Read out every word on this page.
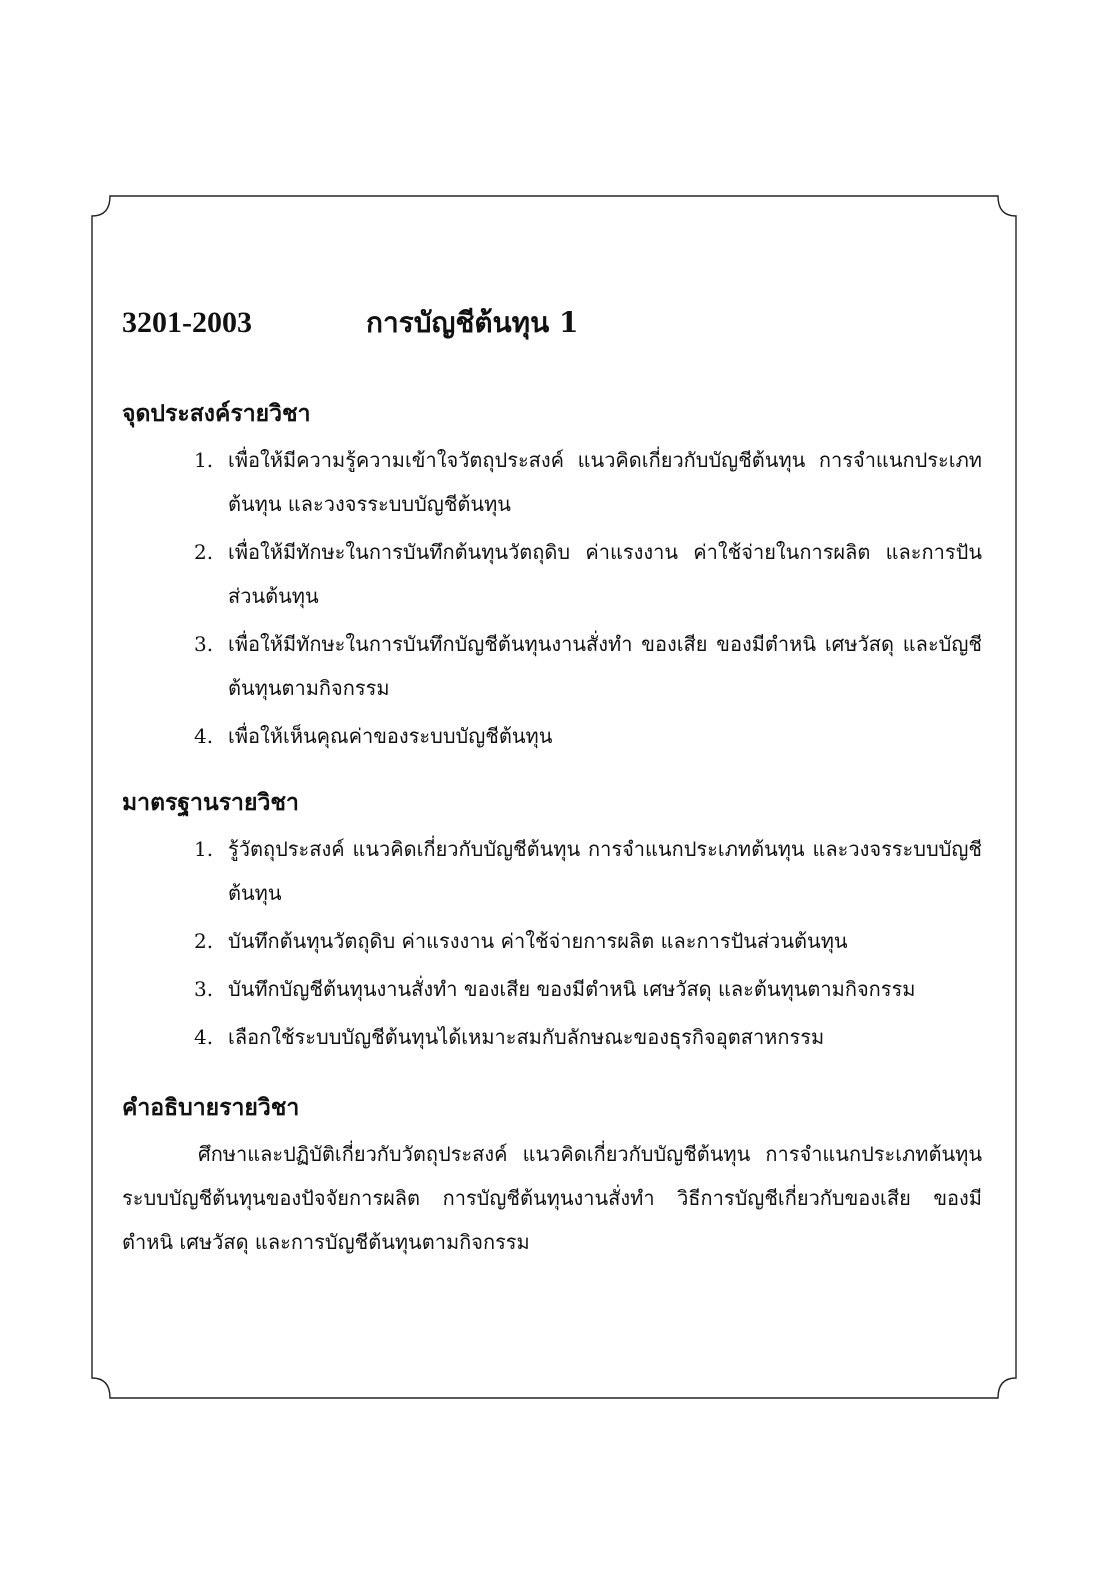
3201-2003	การบัญชีต้นทุน 1
จุดประสงค์รายวิชา
1. เพื่อให้มีความรู้ความเข้าใจวัตถุประสงค์ แนวคิดเกี่ยวกับบัญชีต้นทุน การจำแนกประเภทต้นทุน และวงจรระบบบัญชีต้นทุน
2. เพื่อให้มีทักษะในการบันทึกต้นทุนวัตถุดิบ ค่าแรงงาน ค่าใช้จ่ายในการผลิต และการปันส่วนต้นทุน
3. เพื่อให้มีทักษะในการบันทึกบัญชีต้นทุนงานสั่งทำ ของเสีย ของมีตำหนิ เศษวัสดุ และบัญชีต้นทุนตามกิจกรรม
4. เพื่อให้เห็นคุณค่าของระบบบัญชีต้นทุน
มาตรฐานรายวิชา
1. รู้วัตถุประสงค์ แนวคิดเกี่ยวกับบัญชีต้นทุน การจำแนกประเภทต้นทุน และวงจรระบบบัญชีต้นทุน
2. บันทึกต้นทุนวัตถุดิบ ค่าแรงงาน ค่าใช้จ่ายการผลิต และการปันส่วนต้นทุน
3. บันทึกบัญชีต้นทุนงานสั่งทำ ของเสีย ของมีตำหนิ เศษวัสดุ และต้นทุนตามกิจกรรม
4. เลือกใช้ระบบบัญชีต้นทุนได้เหมาะสมกับลักษณะของธุรกิจอุตสาหกรรม
คำอธิบายรายวิชา

ศึกษาและปฏิบัติเกี่ยวกับวัตถุประสงค์ แนวคิดเกี่ยวกับบัญชีต้นทุน การจำแนกประเภทต้นทุน ระบบบัญชีต้นทุนของปัจจัยการผลิต การบัญชีต้นทุนงานสั่งทำ วิธีการบัญชีเกี่ยวกับของเสีย ของมีตำหนิ เศษวัสดุ และการบัญชีต้นทุนตามกิจกรรม
